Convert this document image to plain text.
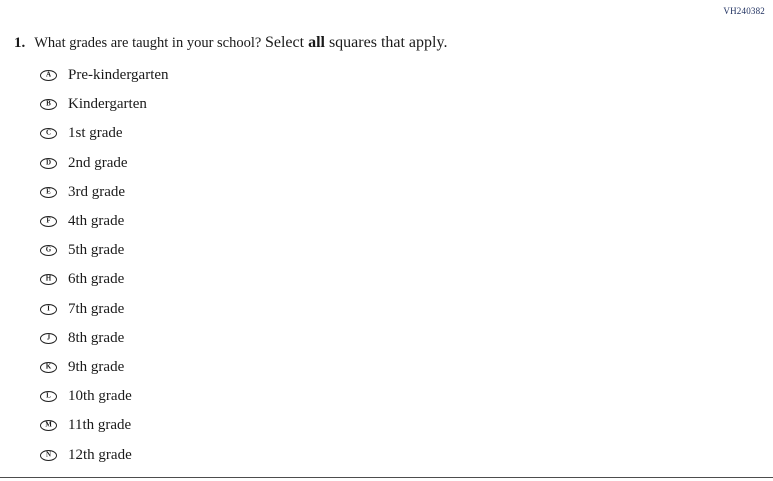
VH240382
1. What grades are taught in your school? Select all squares that apply.
A Pre-kindergarten
B Kindergarten
C 1st grade
D 2nd grade
E 3rd grade
F 4th grade
G 5th grade
H 6th grade
I 7th grade
J 8th grade
K 9th grade
L 10th grade
M 11th grade
N 12th grade
